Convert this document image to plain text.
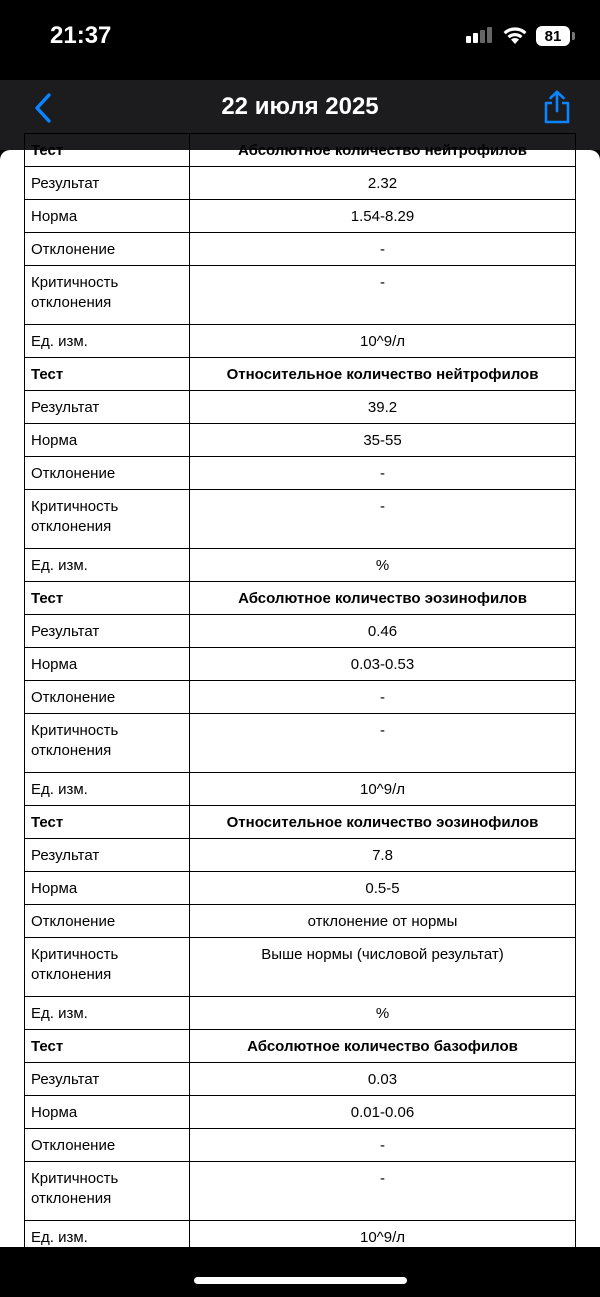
21:37	81
22 июля 2025
Тест	Абсолютное количество нейтрофилов
Результат	2.32
Норма	1.54-8.29
Отклонение	-
Критичность
отклонения	-
Ед. изм.	10^9/л
Тест	Относительное количество нейтрофилов
Результат	39.2
Норма	35-55
Отклонение	-
Критичность
отклонения	-
Ед. изм.	%
Тест	Абсолютное количество эозинофилов
Результат	0.46
Норма	0.03-0.53
Отклонение	-
Критичность
отклонения	-
Ед. изм.	10^9/л
Тест	Относительное количество эозинофилов
Результат	7.8
Норма	0.5-5
Отклонение	отклонение от нормы
Критичность
отклонения	Выше нормы (числовой результат)
Ед. изм.	%
Тест	Абсолютное количество базофилов
Результат	0.03
Норма	0.01-0.06
Отклонение	-
Критичность
отклонения	-
Ед. изм.	10^9/л
